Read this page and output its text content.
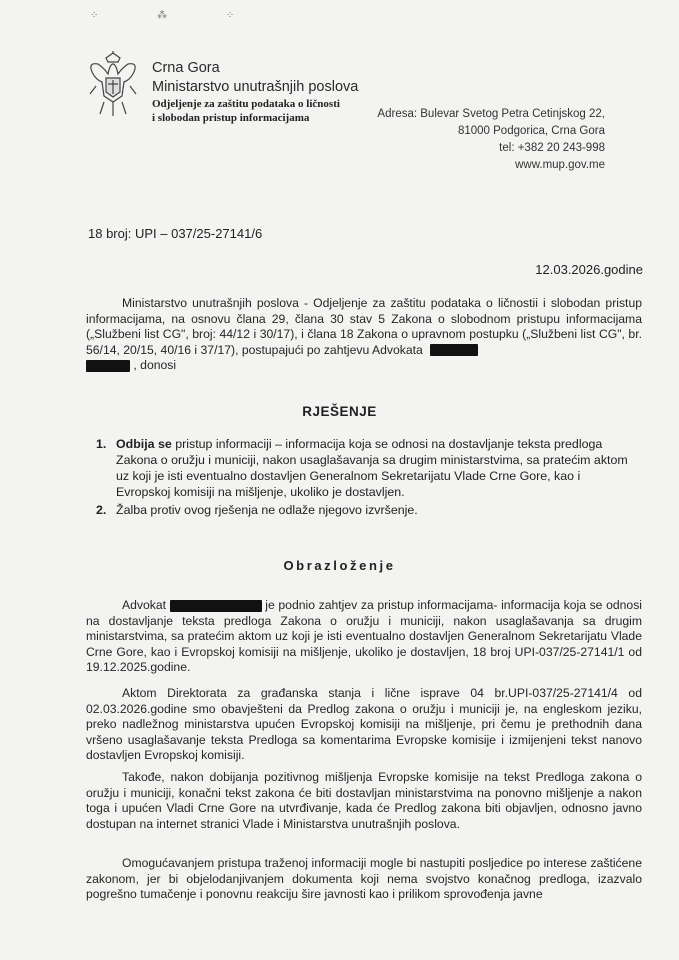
⁘ ⁂ ⁘
Crna Gora
Ministarstvo unutrašnjih poslova
Odjeljenje za zaštitu podataka o ličnosti
i slobodan pristup informacijama	Adresa: Bulevar Svetog Petra Cetinjskog 22,
81000 Podgorica, Crna Gora
tel: +382 20 243-998
www.mup.gov.me
18 broj: UPI – 037/25-27141/6
12.03.2026.godine
Ministarstvo unutrašnjih poslova - Odjeljenje za zaštitu podataka o ličnostii i slobodan pristup informacijama, na osnovu člana 29, člana 30 stav 5 Zakona o slobodnom pristupu informacijama („Službeni list CG", broj: 44/12 i 30/17), i člana 18 Zakona o upravnom postupku („Službeni list CG", br. 56/14, 20/15, 40/16 i 37/17), postupajući po zahtjevu Advokata
, donosi
RJEŠENJE
1. Odbija se pristup informaciji – informacija koja se odnosi na dostavljanje teksta predloga Zakona o oružju i municiji, nakon usaglašavanja sa drugim ministarstvima, sa pratećim aktom uz koji je isti eventualno dostavljen Generalnom Sekretarijatu Vlade Crne Gore, kao i Evropskoj komisiji na mišljenje, ukoliko je dostavljen.
2. Žalba protiv ovog rješenja ne odlaže njegovo izvršenje.
Obrazloženje
Advokat	je podnio zahtjev za pristup informacijama- informacija koja se odnosi na dostavljanje teksta predloga Zakona o oružju i municiji, nakon usaglašavanja sa drugim ministarstvima, sa pratećim aktom uz koji je isti eventualno dostavljen Generalnom Sekretarijatu Vlade Crne Gore, kao i Evropskoj komisiji na mišljenje, ukoliko je dostavljen, 18 broj UPI-037/25-27141/1 od 19.12.2025.godine.
Aktom Direktorata za građanska stanja i lične isprave 04 br.UPI-037/25-27141/4 od 02.03.2026.godine smo obavješteni da Predlog zakona o oružju i municiji je, na engleskom jeziku, preko nadležnog ministarstva upućen Evropskoj komisiji na mišljenje, pri čemu je prethodnih dana vršeno usaglašavanje teksta Predloga sa komentarima Evropske komisije i izmijenjeni tekst nanovo dostavljen Evropskoj komisiji.
Takođe, nakon dobijanja pozitivnog mišljenja Evropske komisije na tekst Predloga zakona o oružju i municiji, konačni tekst zakona će biti dostavljan ministarstvima na ponovno mišljenje a nakon toga i upućen Vladi Crne Gore na utvrđivanje, kada će Predlog zakona biti objavljen, odnosno javno dostupan na internet stranici Vlade i Ministarstva unutrašnjih poslova.
Omogućavanjem pristupa traženoj informaciji mogle bi nastupiti posljedice po interese zaštićene zakonom, jer bi objelodanjivanjem dokumenta koji nema svojstvo konačnog predloga, izazvalo pogrešno tumačenje i ponovnu reakciju šire javnosti kao i prilikom sprovođenja javne
